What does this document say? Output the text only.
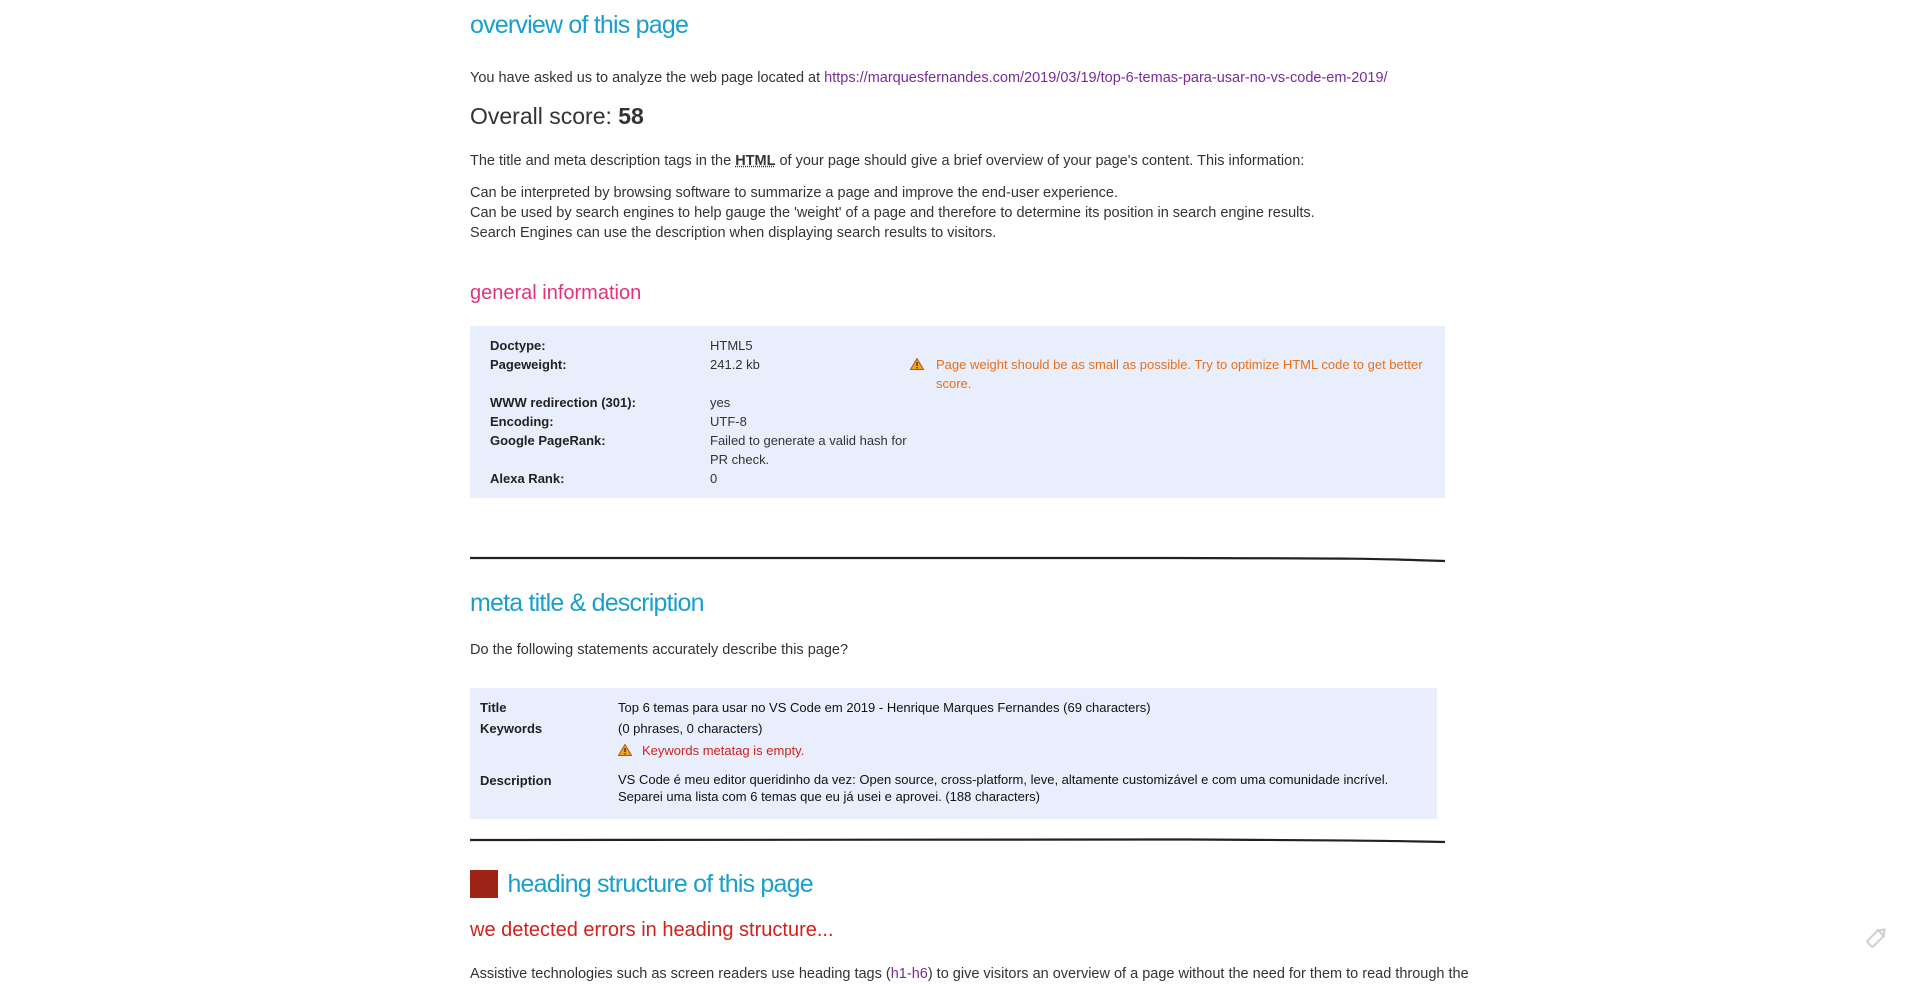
overview of this page

You have asked us to analyze the web page located at https://marquesfernandes.com/2019/03/19/top-6-temas-para-usar-no-vs-code-em-2019/

Overall score: 58

The title and meta description tags in the HTML of your page should give a brief overview of your page's content. This information:

Can be interpreted by browsing software to summarize a page and improve the end-user experience.

Can be used by search engines to help gauge the 'weight' of a page and therefore to determine its position in search engine results.

Search Engines can use the description when displaying search results to visitors.

general information
Doctype:	HTML5
Pageweight:	241.2 kb	Page weight should be as small as possible. Try to optimize HTML code to get better score.
WWW redirection (301):	yes
Encoding:	UTF-8
Google PageRank:	Failed to generate a valid hash for PR check.
Alexa Rank:	0
meta title & description

Do the following statements accurately describe this page?

Title	Top 6 temas para usar no VS Code em 2019 - Henrique Marques Fernandes (69 characters)
Keywords	(0 phrases, 0 characters)
Keywords metatag is empty.
Description	VS Code é meu editor queridinho da vez: Open source, cross-platform, leve, altamente customizável e com uma comunidade incrível. Separei uma lista com 6 temas que eu já usei e aprovei. (188 characters)
heading structure of this page
we detected errors in heading structure...

Assistive technologies such as screen readers use heading tags (h1-h6) to give visitors an overview of a page without the need for them to read through the
